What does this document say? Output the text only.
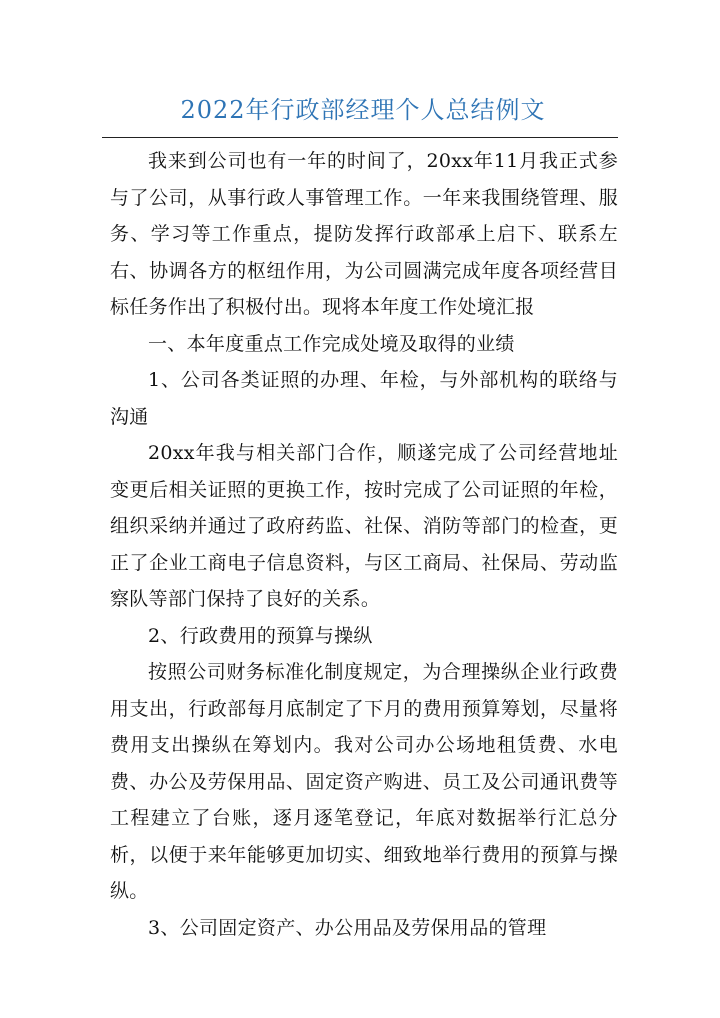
2022年行政部经理个人总结例文

我来到公司也有一年的时间了，20xx年11月我正式参与了公司，从事行政人事管理工作。一年来我围绕管理、服务、学习等工作重点，提防发挥行政部承上启下、联系左右、协调各方的枢纽作用，为公司圆满完成年度各项经营目标任务作出了积极付出。现将本年度工作处境汇报

一、本年度重点工作完成处境及取得的业绩

1、公司各类证照的办理、年检，与外部机构的联络与沟通

20xx年我与相关部门合作，顺遂完成了公司经营地址变更后相关证照的更换工作，按时完成了公司证照的年检，组织采纳并通过了政府药监、社保、消防等部门的检查，更正了企业工商电子信息资料，与区工商局、社保局、劳动监察队等部门保持了良好的关系。

2、行政费用的预算与操纵

按照公司财务标准化制度规定，为合理操纵企业行政费用支出，行政部每月底制定了下月的费用预算筹划，尽量将费用支出操纵在筹划内。我对公司办公场地租赁费、水电费、办公及劳保用品、固定资产购进、员工及公司通讯费等工程建立了台账，逐月逐笔登记，年底对数据举行汇总分析，以便于来年能够更加切实、细致地举行费用的预算与操纵。

3、公司固定资产、办公用品及劳保用品的管理
